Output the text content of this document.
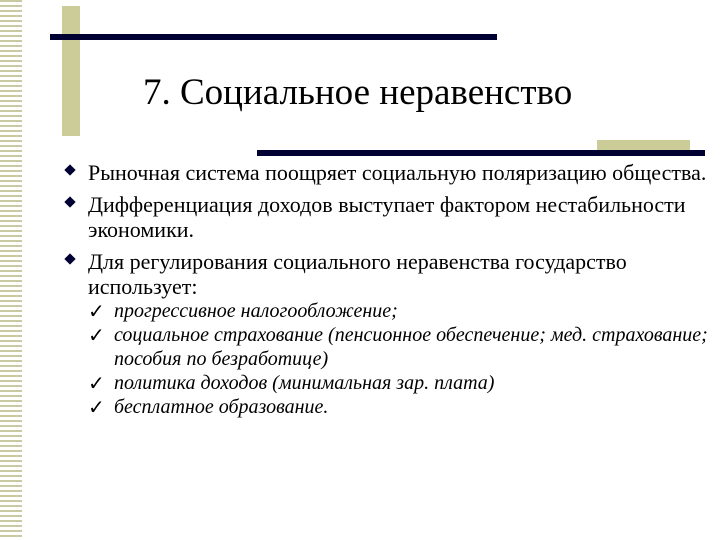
7. Социальное неравенство
Рыночная система поощряет социальную поляризацию общества.
Дифференциация доходов выступает фактором нестабильности экономики.
Для регулирования социального неравенства государство использует:
✓ прогрессивное налогообложение;
✓ социальное страхование (пенсионное обеспечение; мед. страхование; пособия по безработице)
✓ политика доходов (минимальная зар. плата)
✓ бесплатное образование.
